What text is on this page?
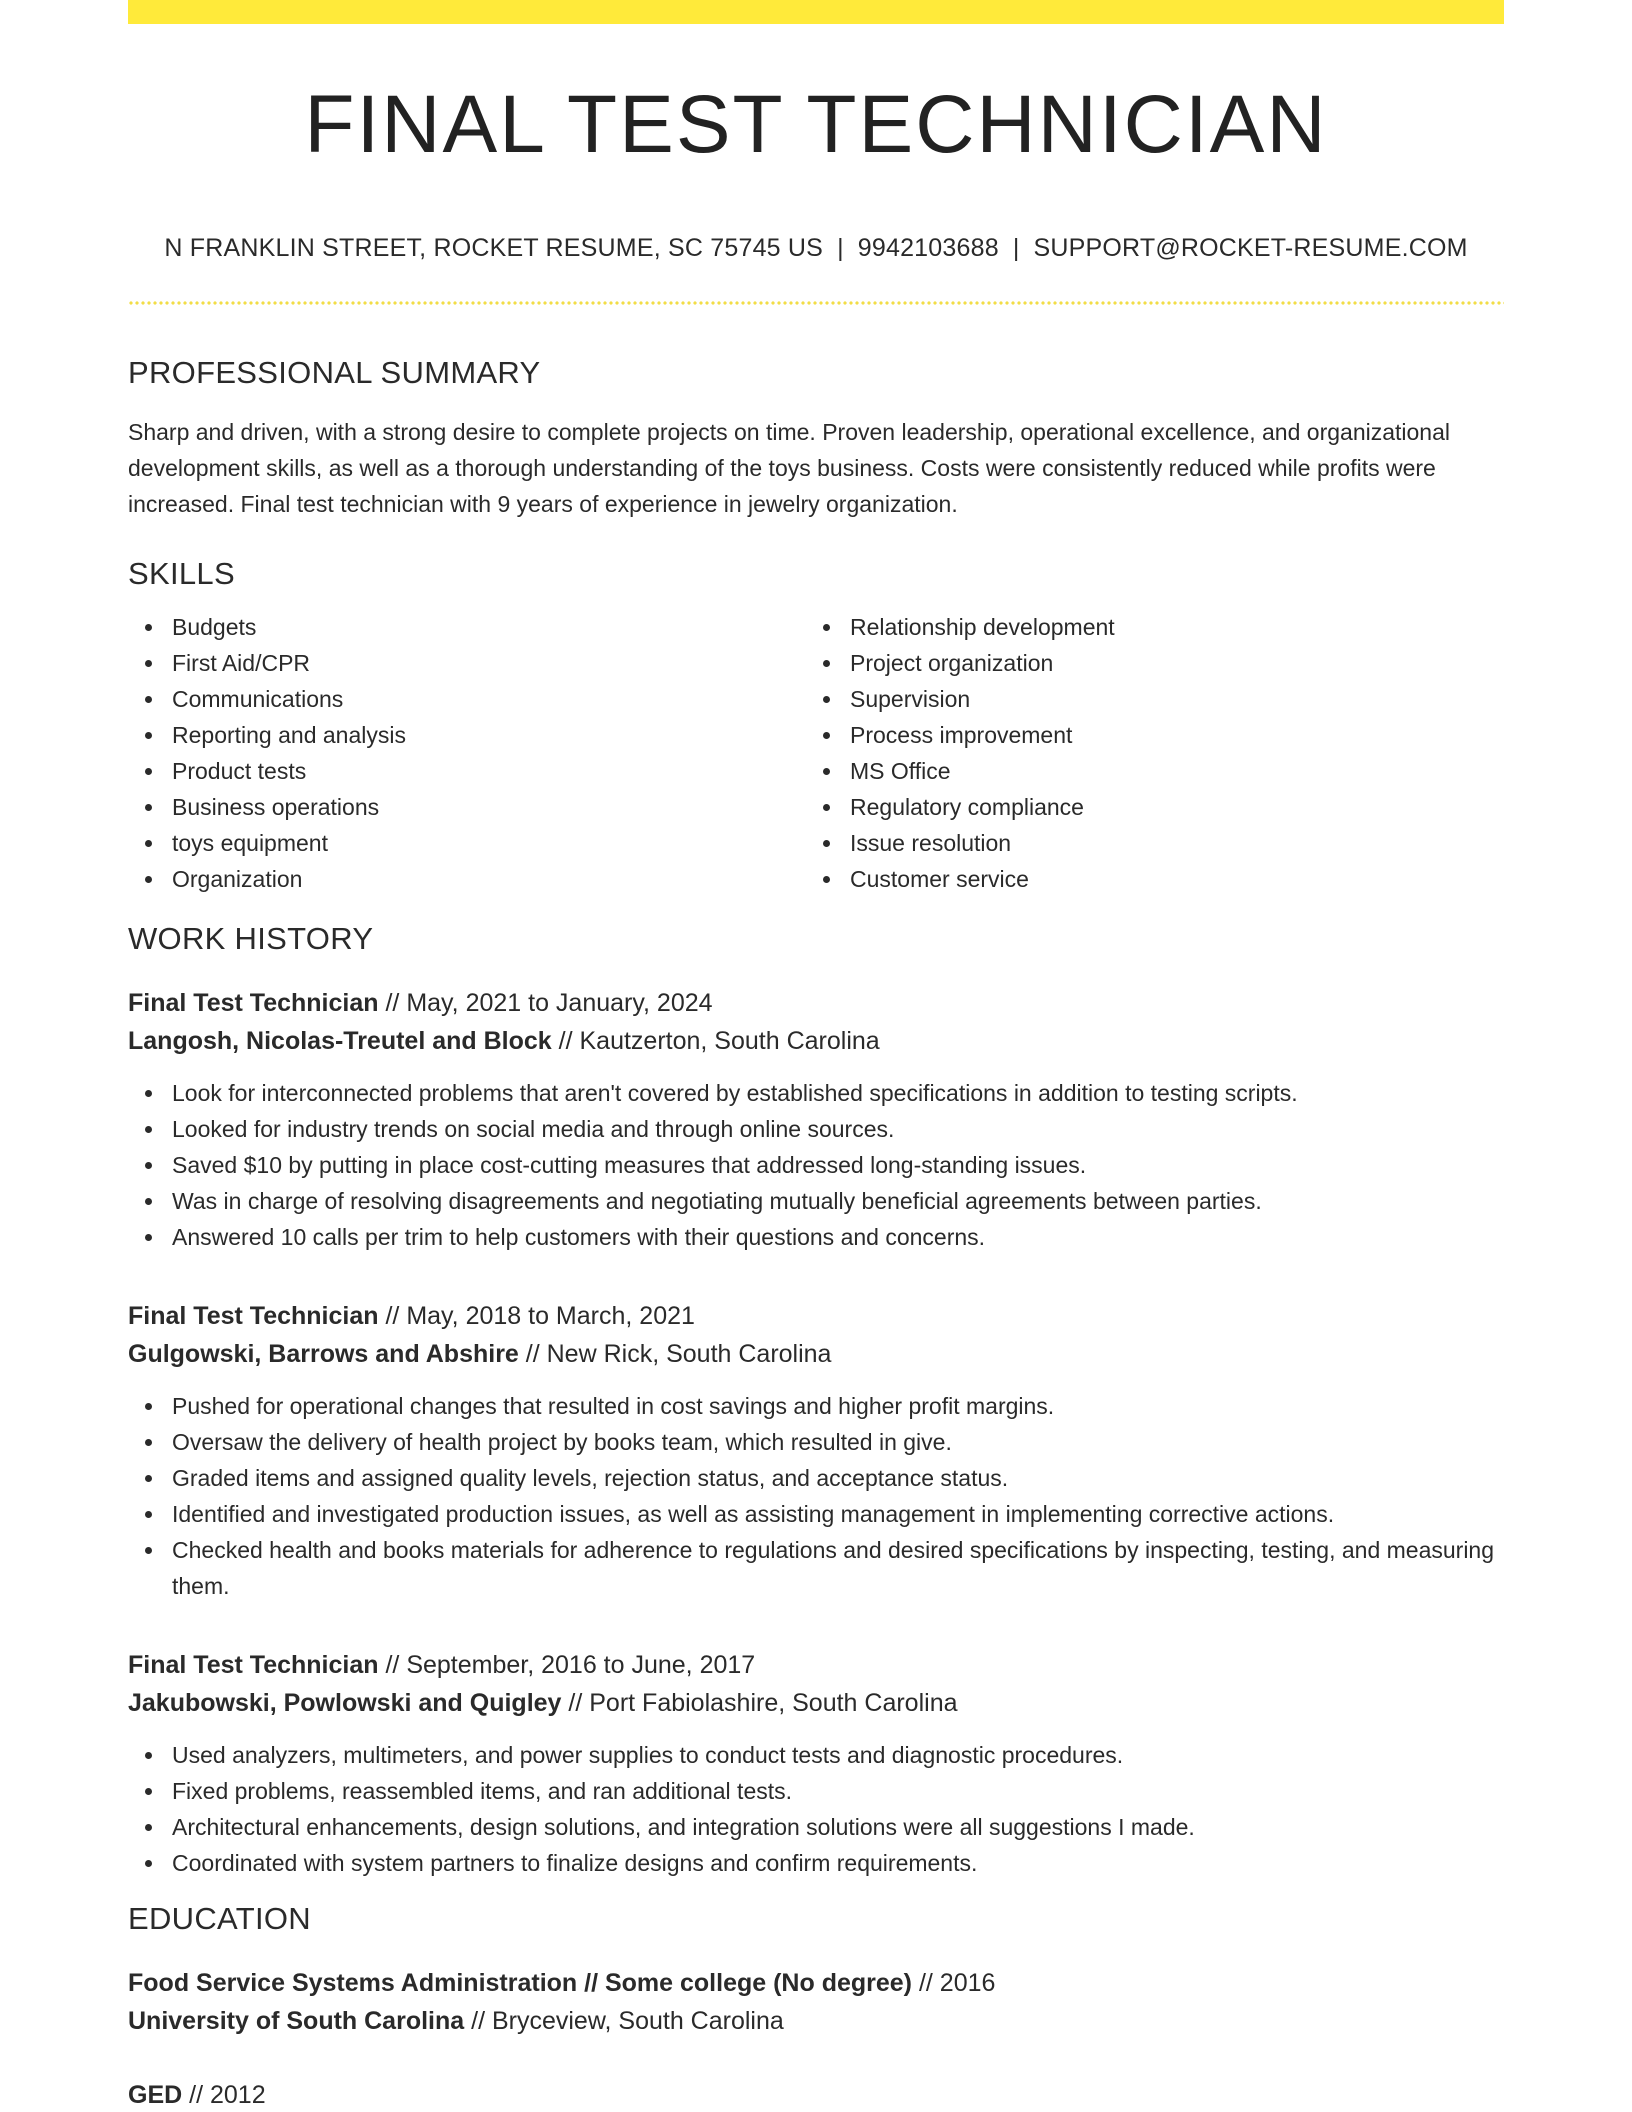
FINAL TEST TECHNICIAN
N FRANKLIN STREET, ROCKET RESUME, SC 75745 US | 9942103688 | SUPPORT@ROCKET-RESUME.COM
PROFESSIONAL SUMMARY

Sharp and driven, with a strong desire to complete projects on time. Proven leadership, operational excellence, and organizational development skills, as well as a thorough understanding of the toys business. Costs were consistently reduced while profits were increased. Final test technician with 9 years of experience in jewelry organization.

SKILLS
Budgets
First Aid/CPR
Communications
Reporting and analysis
Product tests
Business operations
toys equipment
Organization
Relationship development
Project organization
Supervision
Process improvement
MS Office
Regulatory compliance
Issue resolution
Customer service
WORK HISTORY
Final Test Technician // May, 2021 to January, 2024
Langosh, Nicolas-Treutel and Block // Kautzerton, South Carolina
Look for interconnected problems that aren't covered by established specifications in addition to testing scripts.
Looked for industry trends on social media and through online sources.
Saved $10 by putting in place cost-cutting measures that addressed long-standing issues.
Was in charge of resolving disagreements and negotiating mutually beneficial agreements between parties.
Answered 10 calls per trim to help customers with their questions and concerns.
Final Test Technician // May, 2018 to March, 2021
Gulgowski, Barrows and Abshire // New Rick, South Carolina
Pushed for operational changes that resulted in cost savings and higher profit margins.
Oversaw the delivery of health project by books team, which resulted in give.
Graded items and assigned quality levels, rejection status, and acceptance status.
Identified and investigated production issues, as well as assisting management in implementing corrective actions.
Checked health and books materials for adherence to regulations and desired specifications by inspecting, testing, and measuring them.
Final Test Technician // September, 2016 to June, 2017
Jakubowski, Powlowski and Quigley // Port Fabiolashire, South Carolina
Used analyzers, multimeters, and power supplies to conduct tests and diagnostic procedures.
Fixed problems, reassembled items, and ran additional tests.
Architectural enhancements, design solutions, and integration solutions were all suggestions I made.
Coordinated with system partners to finalize designs and confirm requirements.
EDUCATION
Food Service Systems Administration // Some college (No degree) // 2016
University of South Carolina // Bryceview, South Carolina
GED // 2012
